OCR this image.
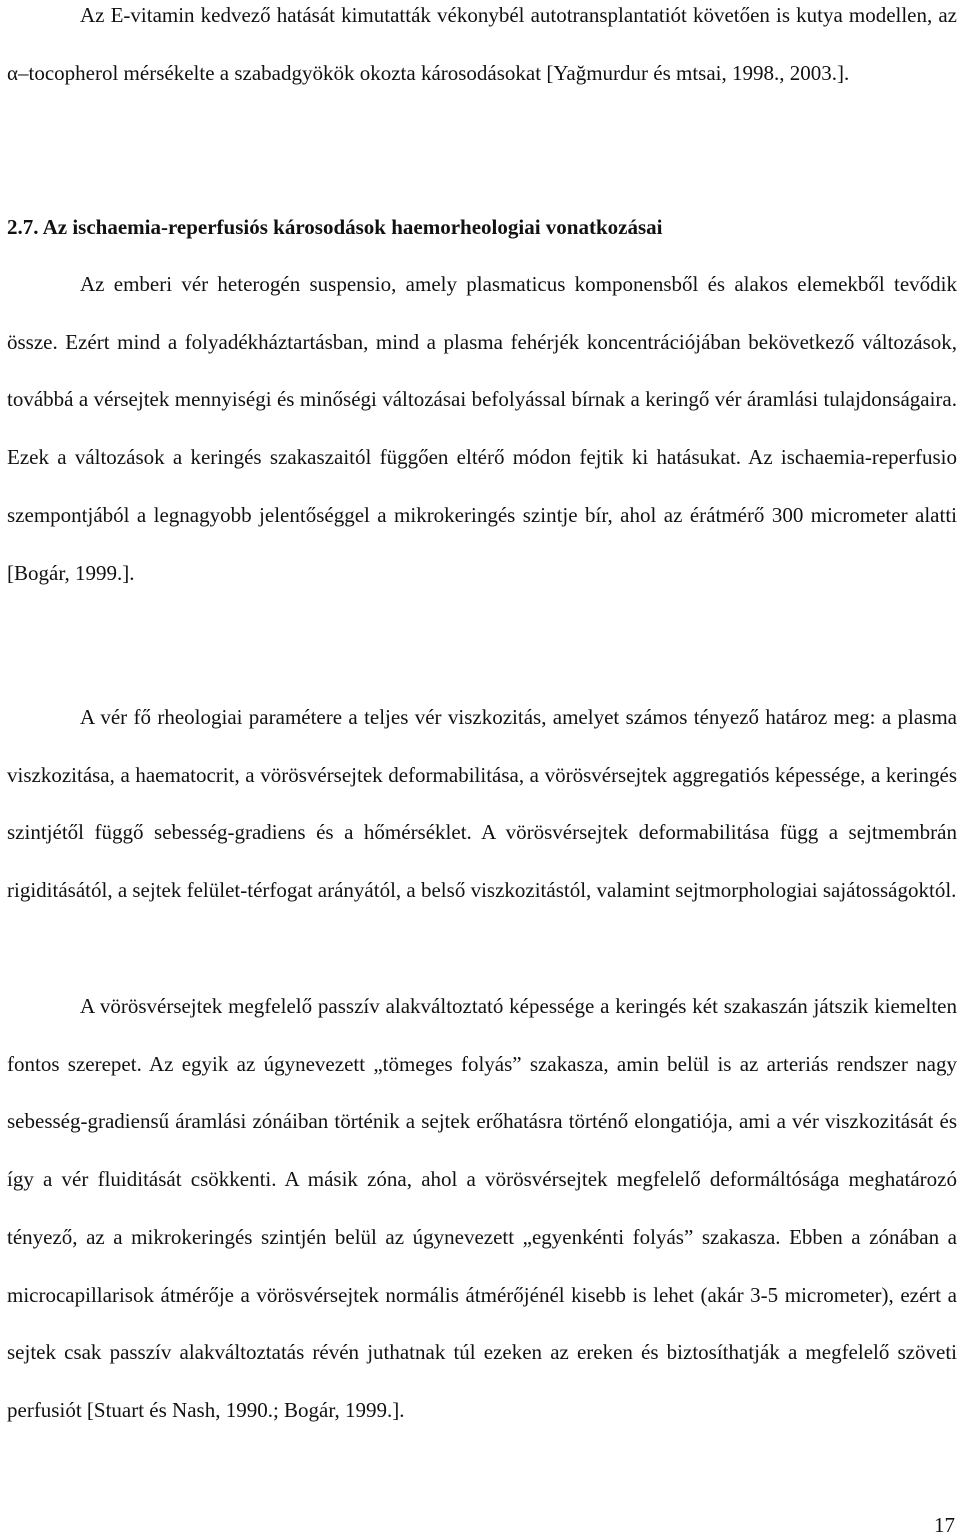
Az E-vitamin kedvező hatását kimutatták vékonybél autotransplantatiót követően is kutya modellen, az α–tocopherol mérsékelte a szabadgyökök okozta károsodásokat [Yağmurdur és mtsai, 1998., 2003.].

2.7. Az ischaemia-reperfusiós károsodások haemorheologiai vonatkozásai

Az emberi vér heterogén suspensio, amely plasmaticus komponensből és alakos elemekből tevődik össze. Ezért mind a folyadékháztartásban, mind a plasma fehérjék koncentrációjában bekövetkező változások, továbbá a vérsejtek mennyiségi és minőségi változásai befolyással bírnak a keringő vér áramlási tulajdonságaira. Ezek a változások a keringés szakaszaitól függően eltérő módon fejtik ki hatásukat. Az ischaemia-reperfusio szempontjából a legnagyobb jelentőséggel a mikrokeringés szintje bír, ahol az érátmérő 300 micrometer alatti [Bogár, 1999.].

A vér fő rheologiai paramétere a teljes vér viszkozitás, amelyet számos tényező határoz meg: a plasma viszkozitása, a haematocrit, a vörösvérsejtek deformabilitása, a vörösvérsejtek aggregatiós képessége, a keringés szintjétől függő sebesség-gradiens és a hőmérséklet. A vörösvérsejtek deformabilitása függ a sejtmembrán rigiditásától, a sejtek felület-térfogat arányától, a belső viszkozitástól, valamint sejtmorphologiai sajátosságoktól.

A vörösvérsejtek megfelelő passzív alakváltoztató képessége a keringés két szakaszán játszik kiemelten fontos szerepet. Az egyik az úgynevezett „tömeges folyás” szakasza, amin belül is az arteriás rendszer nagy sebesség-gradiensű áramlási zónáiban történik a sejtek erőhatásra történő elongatiója, ami a vér viszkozitását és így a vér fluiditását csökkenti. A másik zóna, ahol a vörösvérsejtek megfelelő deformáltósága meghatározó tényező, az a mikrokeringés szintjén belül az úgynevezett „egyenkénti folyás” szakasza. Ebben a zónában a microcapillarisok átmérője a vörösvérsejtek normális átmérőjénél kisebb is lehet (akár 3-5 micrometer), ezért a sejtek csak passzív alakváltoztatás révén juthatnak túl ezeken az ereken és biztosíthatják a megfelelő szöveti perfusiót [Stuart és Nash, 1990.; Bogár, 1999.].

17
